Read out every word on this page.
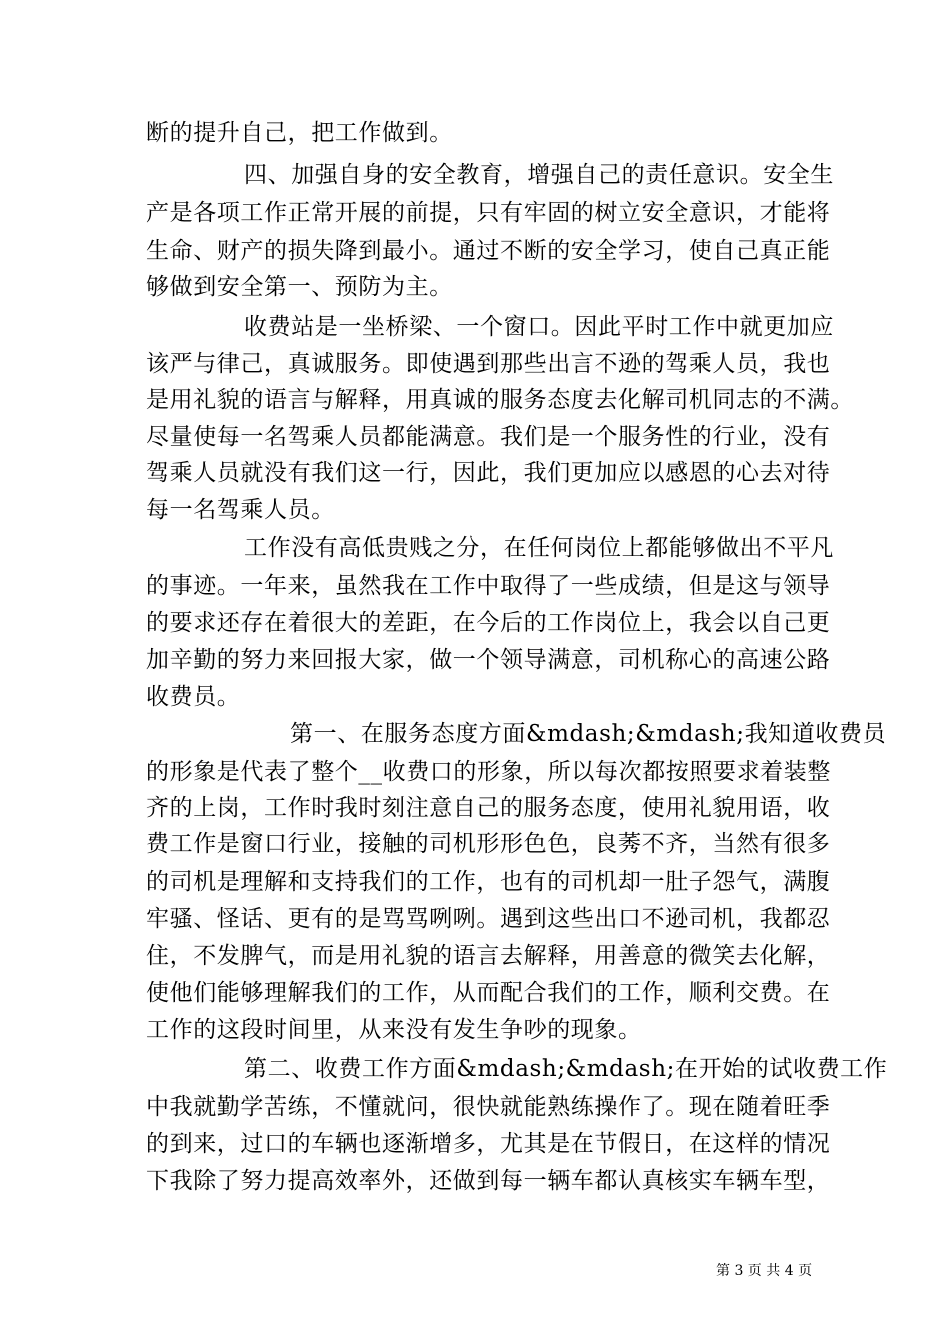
断的提升自己，把工作做到。
四、加强自身的安全教育，增强自己的责任意识。安全生
产是各项工作正常开展的前提，只有牢固的树立安全意识，才能将
生命、财产的损失降到最小。通过不断的安全学习，使自己真正能
够做到安全第一、预防为主。
收费站是一坐桥梁、一个窗口。因此平时工作中就更加应
该严与律己，真诚服务。即使遇到那些出言不逊的驾乘人员，我也
是用礼貌的语言与解释，用真诚的服务态度去化解司机同志的不满。
尽量使每一名驾乘人员都能满意。我们是一个服务性的行业，没有
驾乘人员就没有我们这一行，因此，我们更加应以感恩的心去对待
每一名驾乘人员。
工作没有高低贵贱之分，在任何岗位上都能够做出不平凡
的事迹。一年来，虽然我在工作中取得了一些成绩，但是这与领导
的要求还存在着很大的差距，在今后的工作岗位上，我会以自己更
加辛勤的努力来回报大家，做一个领导满意，司机称心的高速公路
收费员。
第一、在服务态度方面&mdash;&mdash;我知道收费员
的形象是代表了整个__收费口的形象，所以每次都按照要求着装整
齐的上岗，工作时我时刻注意自己的服务态度，使用礼貌用语，收
费工作是窗口行业，接触的司机形形色色，良莠不齐，当然有很多
的司机是理解和支持我们的工作，也有的司机却一肚子怨气，满腹
牢骚、怪话、更有的是骂骂咧咧。遇到这些出口不逊司机，我都忍
住，不发脾气，而是用礼貌的语言去解释，用善意的微笑去化解，
使他们能够理解我们的工作，从而配合我们的工作，顺利交费。在
工作的这段时间里，从来没有发生争吵的现象。
第二、收费工作方面&mdash;&mdash;在开始的试收费工作
中我就勤学苦练，不懂就问，很快就能熟练操作了。现在随着旺季
的到来，过口的车辆也逐渐增多，尤其是在节假日，在这样的情况
下我除了努力提高效率外，还做到每一辆车都认真核实车辆车型，
第 3 页 共 4 页
